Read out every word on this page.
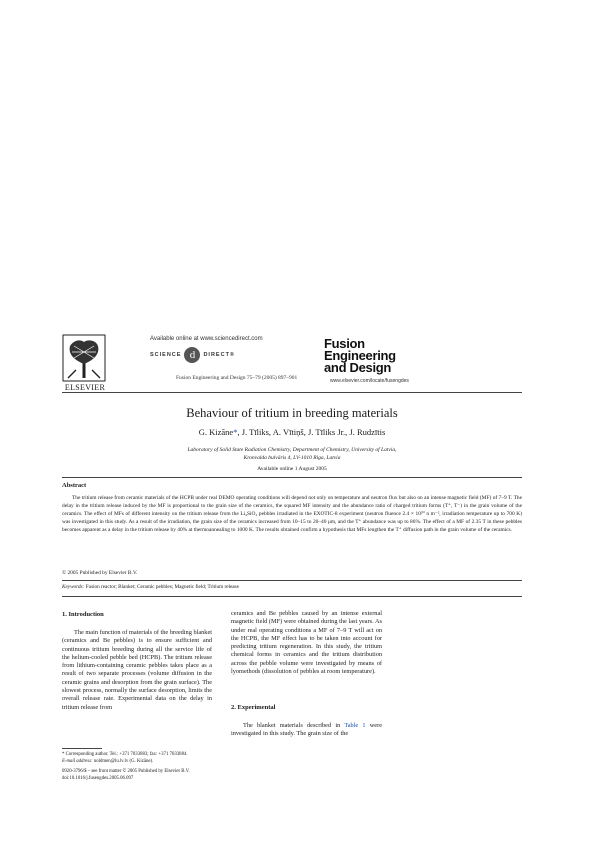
ELSEVIER
Available online at www.sciencedirect.com
SCIENCE d	DIRECT®
Fusion Engineering and Design 75–79 (2005) 897–901
Fusion
Engineering
and Design
www.elsevier.com/locate/fusengdes
Behaviour of tritium in breeding materials
G. Kizāne*, J. Tīliks, A. Vītiņš, J. Tīliks Jr., J. Rudzītis
Laboratory of Solid State Radiation Chemistry, Department of Chemistry, University of Latvia,
Kronvalda bulvāris 4, LV-1010 Riga, Latvia
Available online 1 August 2005
Abstract
The tritium release from ceramic materials of the HCPB under real DEMO operating conditions will depend not only on temperature and neutron flux but also on an intense magnetic field (MF) of 7–9 T. The delay in the tritium release induced by the MF is proportional to the grain size of the ceramics, the squared MF intensity and the abundance ratio of charged tritium forms (T⁺, T⁻) in the grain volume of the ceramics. The effect of MFs of different intensity on the tritium release from the Li₄SiO₄ pebbles irradiated in the EXOTIC-8 experiment (neutron fluence 2.4 × 10²⁰ n m⁻², irradiation temperature up to 700 K) was investigated in this study. As a result of the irradiation, the grain size of the ceramics increased from 10–15 to 20–40 μm, and the T⁺ abundance was up to 86%. The effect of a MF of 2.35 T in these pebbles becomes apparent as a delay in the tritium release by 40% at thermoannealing to 1000 K. The results obtained confirm a hypothesis that MFs lengthen the T⁺ diffusion path in the grain volume of the ceramics.
© 2005 Published by Elsevier B.V.
Keywords: Fusion reactor; Blanket; Ceramic pebbles; Magnetic field; Tritium release
1. Introduction

The main function of materials of the breeding blanket (ceramics and Be pebbles) is to ensure sufficient and continuous tritium breeding during all the service life of the helium-cooled pebble bed (HCPB). The tritium release from lithium-containing ceramic pebbles takes place as a result of two separate processes (volume diffusion in the ceramic grains and desorption from the grain surface). The slowest process, normally the surface desorption, limits the overall release rate. Experimental data on the delay in tritium release from

ceramics and Be pebbles caused by an intense external magnetic field (MF) were obtained during the last years. As under real operating conditions a MF of 7–9 T will act on the HCPB, the MF effect has to be taken into account for predicting tritium regeneration. In this study, the tritium chemical forms in ceramics and the tritium distribution across the pebble volume were investigated by means of lyomethods (dissolution of pebbles at room temperature).

2. Experimental

The blanket materials described in Table 1 were investigated in this study. The grain size of the

* Corresponding author. Tel.: +371 7033883; fax: +371 7033884.
E-mail address: noldmen@lu.lv.lv (G. Kizāne).
0920-3796/$ – see front matter © 2005 Published by Elsevier B.V.
doi:10.1016/j.fusengdes.2005.06.097
